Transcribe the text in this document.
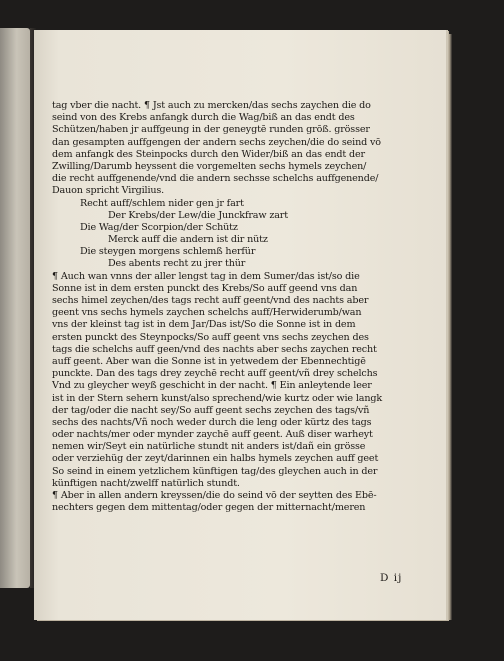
tag vber die nacht. ¶ Jst auch zu mercken/das sechs zaychen die do
seind von des Krebs anfangk durch die Wag/biß an das endt des
Schützen/haben jr auffgeung in der geneygtē runden grōß. grösser
dan gesampten auffgengen der andern sechs zeychen/die do seind vō
dem anfangk des Steinpocks durch den Wider/biß an das endt der
Zwilling/Darumb heyssent die vorgemelten sechs hymels zeychen/
die recht auffgenende/vnd die andern sechsse schelchs auffgenende/
Dauon spricht Virgilius.
Recht auff/schlem nider gen jr fart
Der Krebs/der Lew/die Junckfraw zart
Die Wag/der Scorpion/der Schütz
Merck auff die andern ist dir nütz
Die steygen morgens schlemß herfür
Des abents recht zu jrer thür
¶ Auch wan vnns der aller lengst tag in dem Sumer/das ist/so die
Sonne ist in dem ersten punckt des Krebs/So auff geend vns dan
sechs himel zeychen/des tags recht auff geent/vnd des nachts aber
geent vns sechs hymels zaychen schelchs auff/Herwiderumb/wan
vns der kleinst tag ist in dem Jar/Das ist/So die Sonne ist in dem
ersten punckt des Steynpocks/So auff geent vns sechs zeychen des
tags die schelchs auff geen/vnd des nachts aber sechs zaychen recht
auff geent. Aber wan die Sonne ist in yetwedem der Ebennechtigē
punckte. Dan des tags drey zeychē recht auff geent/vñ drey schelchs
Vnd zu gleycher weyß geschicht in der nacht. ¶ Ein anleytende leer
ist in der Stern sehern kunst/also sprechend/wie kurtz oder wie langk
der tag/oder die nacht sey/So auff geent sechs zeychen des tags/vñ
sechs des nachts/Vñ noch weder durch die leng oder kürtz des tags
oder nachts/mer oder mynder zaychē auff geent. Auß diser warheyt
nemen wir/Seyt ein natürliche stundt nit anders ist/dañ ein grösse
oder verziehüg der zeyt/darinnen ein halbs hymels zeychen auff geet
So seind in einem yetzlichem künftigen tag/des gleychen auch in der
künftigen nacht/zwelff natürlich stundt.
¶ Aber in allen andern kreyssen/die do seind vō der seytten des Ebē-
nechters gegen dem mittentag/oder gegen der mitternacht/meren
D ij
